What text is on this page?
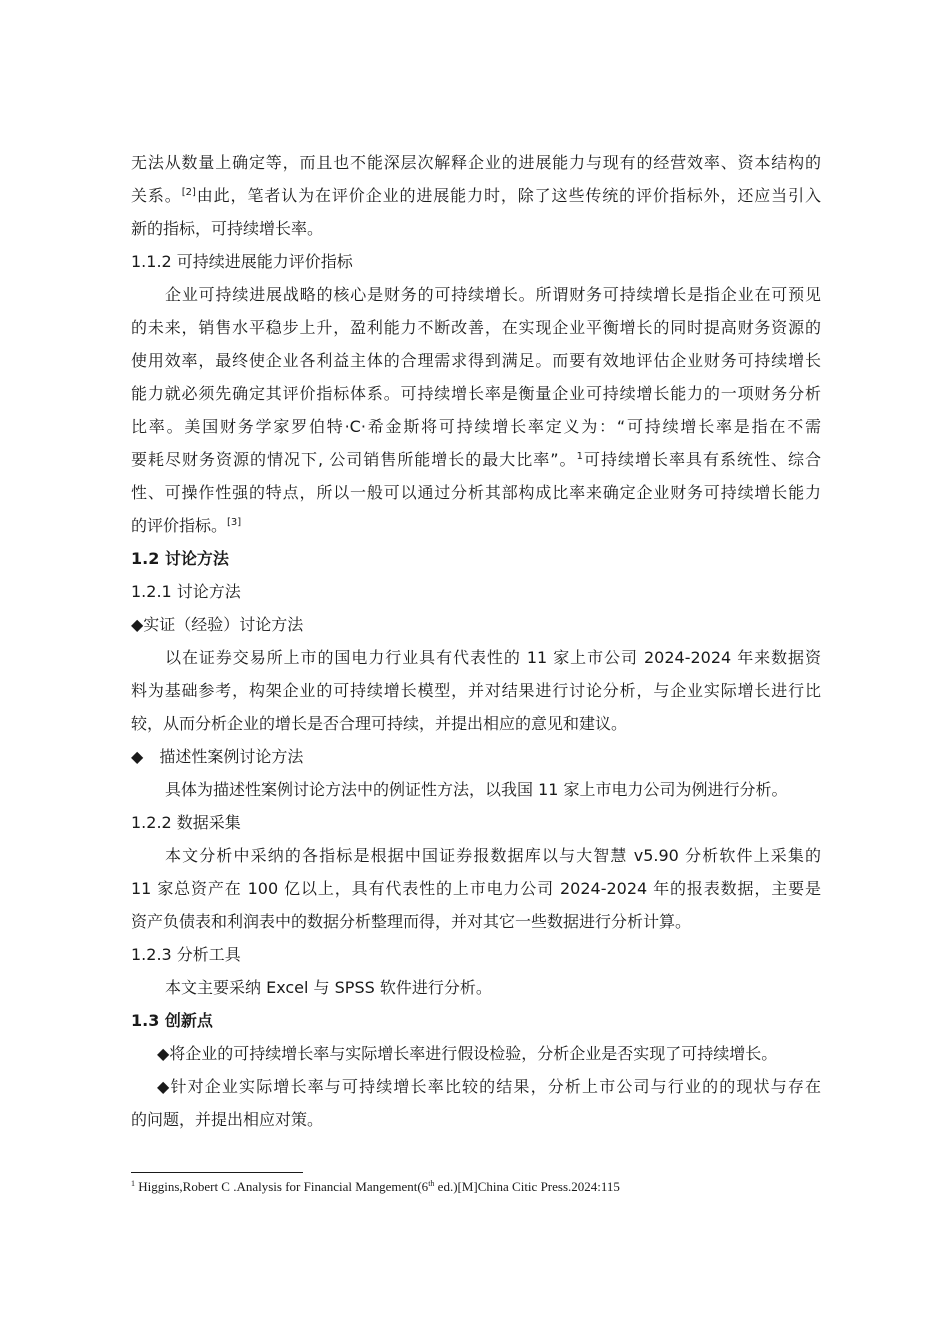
无法从数量上确定等，而且也不能深层次解释企业的进展能力与现有的经营效率、资本结构的
关系。[2]由此，笔者认为在评价企业的进展能力时，除了这些传统的评价指标外，还应当引入
新的指标，可持续增长率。
1.1.2 可持续进展能力评价指标
企业可持续进展战略的核心是财务的可持续增长。所谓财务可持续增长是指企业在可预见
的未来，销售水平稳步上升，盈利能力不断改善，在实现企业平衡增长的同时提高财务资源的
使用效率，最终使企业各利益主体的合理需求得到满足。而要有效地评估企业财务可持续增长
能力就必须先确定其评价指标体系。可持续增长率是衡量企业可持续增长能力的一项财务分析
比率。美国财务学家罗伯特·C·希金斯将可持续增长率定义为：“可持续增长率是指在不需
要耗尽财务资源的情况下, 公司销售所能增长的最大比率”。$^1$可持续增长率具有系统性、综合
性、可操作性强的特点，所以一般可以通过分析其部构成比率来确定企业财务可持续增长能力
的评价指标。[3]
1.2 讨论方法
1.2.1 讨论方法
◆实证（经验）讨论方法
以在证券交易所上市的国电力行业具有代表性的 11 家上市公司 2024-2024 年来数据资
料为基础参考，构架企业的可持续增长模型，并对结果进行讨论分析，与企业实际增长进行比
较，从而分析企业的增长是否合理可持续，并提出相应的意见和建议。
◆ 描述性案例讨论方法
具体为描述性案例讨论方法中的例证性方法，以我国 11 家上市电力公司为例进行分析。
1.2.2 数据采集
本文分析中采纳的各指标是根据中国证券报数据库以与大智慧 v5.90 分析软件上采集的
11 家总资产在 100 亿以上，具有代表性的上市电力公司 2024-2024 年的报表数据，主要是
资产负债表和利润表中的数据分析整理而得，并对其它一些数据进行分析计算。
1.2.3 分析工具
本文主要采纳 Excel 与 SPSS 软件进行分析。
1.3 创新点
◆将企业的可持续增长率与实际增长率进行假设检验，分析企业是否实现了可持续增长。
◆针对企业实际增长率与可持续增长率比较的结果，分析上市公司与行业的的现状与存在
的问题，并提出相应对策。
$^1$ Higgins,Robert C .Analysis for Financial Mangement(6th ed.)[M]China Citic Press.2024:115
